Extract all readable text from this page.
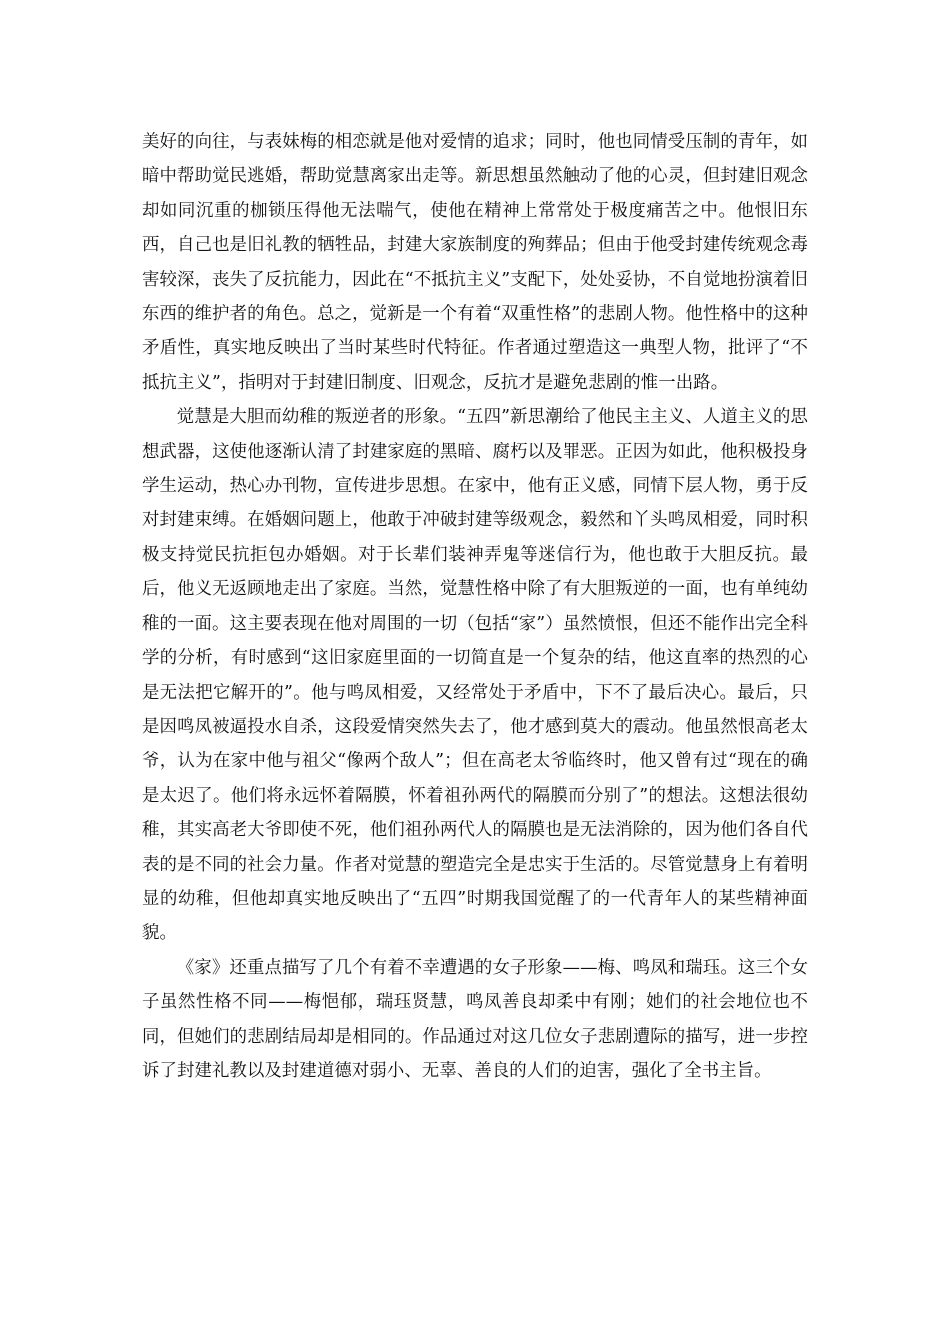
美好的向往，与表妹梅的相恋就是他对爱情的追求；同时，他也同情受压制的青年，如暗中帮助觉民逃婚，帮助觉慧离家出走等。新思想虽然触动了他的心灵，但封建旧观念却如同沉重的枷锁压得他无法喘气，使他在精神上常常处于极度痛苦之中。他恨旧东西，自己也是旧礼教的牺牲品，封建大家族制度的殉葬品；但由于他受封建传统观念毒害较深，丧失了反抗能力，因此在“不抵抗主义”支配下，处处妥协，不自觉地扮演着旧东西的维护者的角色。总之，觉新是一个有着“双重性格”的悲剧人物。他性格中的这种矛盾性，真实地反映出了当时某些时代特征。作者通过塑造这一典型人物，批评了“不抵抗主义”，指明对于封建旧制度、旧观念，反抗才是避免悲剧的惟一出路。

觉慧是大胆而幼稚的叛逆者的形象。“五四”新思潮给了他民主主义、人道主义的思想武器，这使他逐渐认清了封建家庭的黑暗、腐朽以及罪恶。正因为如此，他积极投身学生运动，热心办刊物，宣传进步思想。在家中，他有正义感，同情下层人物，勇于反对封建束缚。在婚姻问题上，他敢于冲破封建等级观念，毅然和丫头鸣凤相爱，同时积极支持觉民抗拒包办婚姻。对于长辈们装神弄鬼等迷信行为，他也敢于大胆反抗。最后，他义无返顾地走出了家庭。当然，觉慧性格中除了有大胆叛逆的一面，也有单纯幼稚的一面。这主要表现在他对周围的一切（包括“家”）虽然愤恨，但还不能作出完全科学的分析，有时感到“这旧家庭里面的一切简直是一个复杂的结，他这直率的热烈的心是无法把它解开的”。他与鸣凤相爱，又经常处于矛盾中，下不了最后决心。最后，只是因鸣凤被逼投水自杀，这段爱情突然失去了，他才感到莫大的震动。他虽然恨高老太爷，认为在家中他与祖父“像两个敌人”；但在高老太爷临终时，他又曾有过“现在的确是太迟了。他们将永远怀着隔膜，怀着祖孙两代的隔膜而分别了”的想法。这想法很幼稚，其实高老大爷即使不死，他们祖孙两代人的隔膜也是无法消除的，因为他们各自代表的是不同的社会力量。作者对觉慧的塑造完全是忠实于生活的。尽管觉慧身上有着明显的幼稚，但他却真实地反映出了“五四”时期我国觉醒了的一代青年人的某些精神面貌。

《家》还重点描写了几个有着不幸遭遇的女子形象——梅、鸣凤和瑞珏。这三个女子虽然性格不同——梅悒郁，瑞珏贤慧，鸣凤善良却柔中有刚；她们的社会地位也不同，但她们的悲剧结局却是相同的。作品通过对这几位女子悲剧遭际的描写，进一步控诉了封建礼教以及封建道德对弱小、无辜、善良的人们的迫害，强化了全书主旨。
